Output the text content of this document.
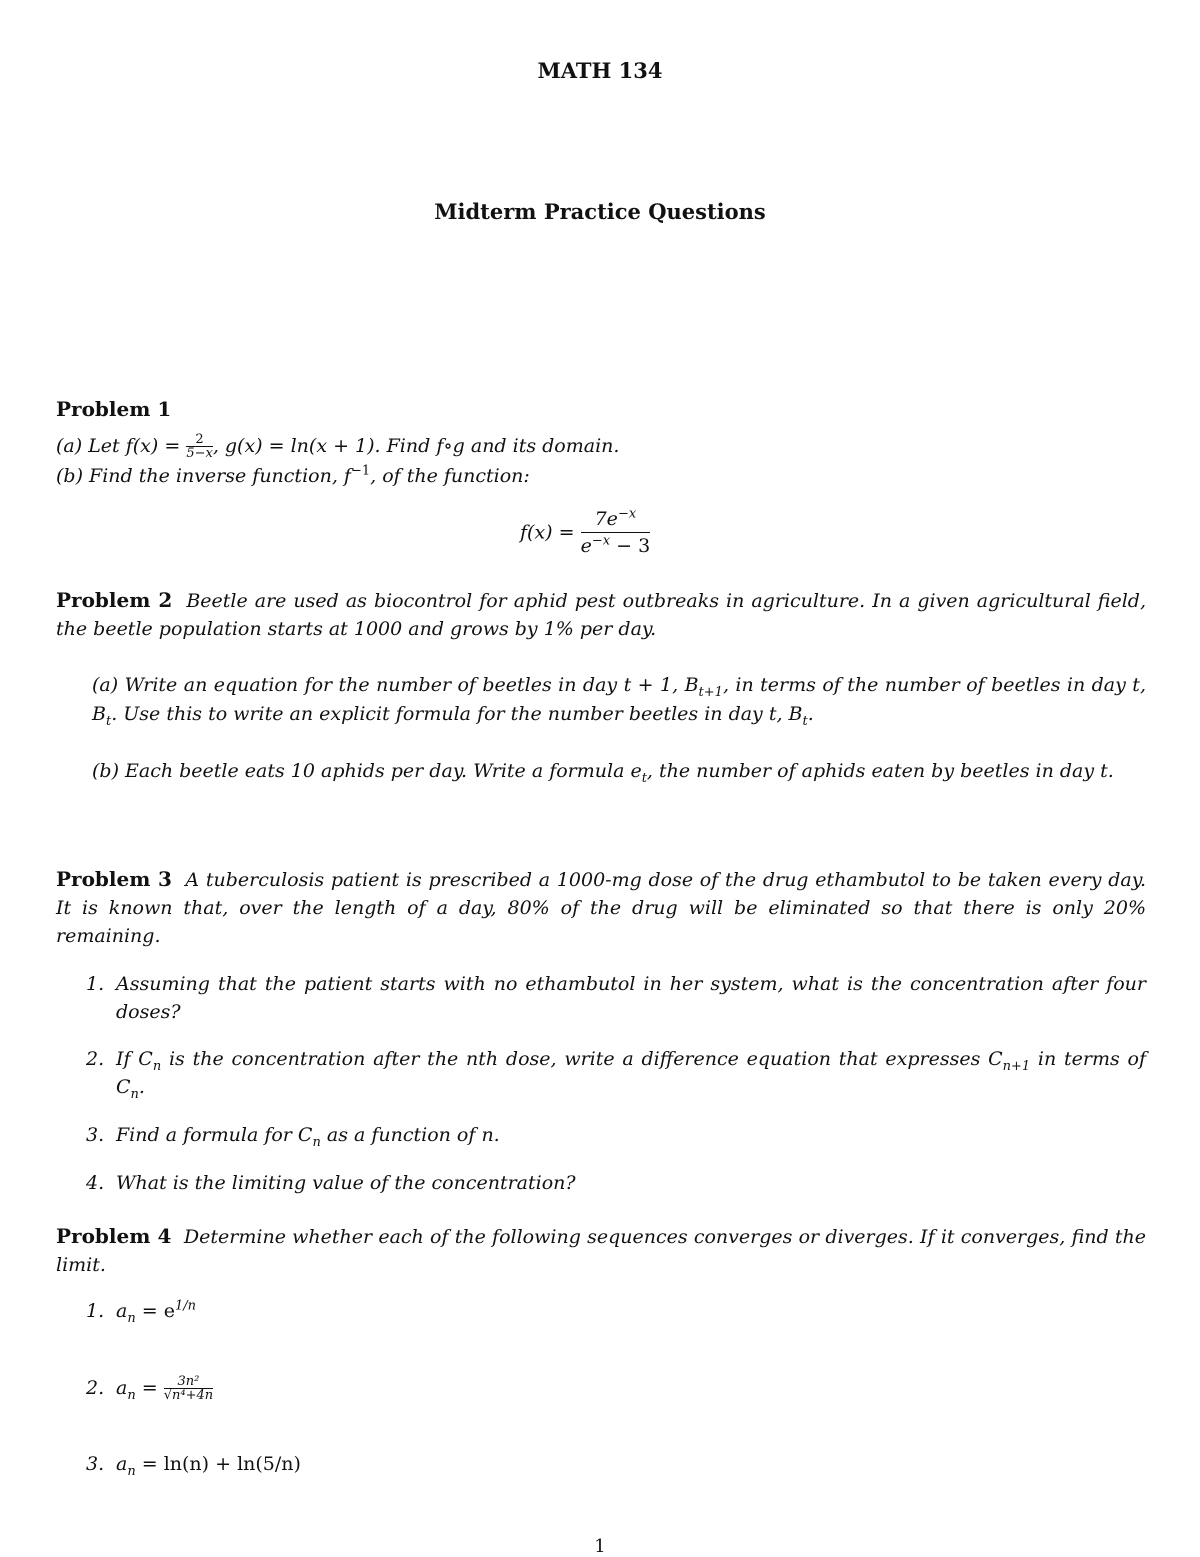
MATH 134
Midterm Practice Questions
Problem 1
(a) Let $f(x) = \frac{2}{5-x}$ , g(x) = ln(x + 1). Find f∘g and its domain.
(b) Find the inverse function, $f^{-1}$, of the function:
$f(x) = \frac{7e^{-x}}{e^{-x} - 3}$
Problem 2 Beetle are used as biocontrol for aphid pest outbreaks in agriculture. In a given agricultural field, the beetle population starts at 1000 and grows by 1% per day.
(a) Write an equation for the number of beetles in day t + 1, $B_{t+1}$, in terms of the number of beetles in day t, $B_t$. Use this to write an explicit formula for the number beetles in day t, $B_t$.
(b) Each beetle eats 10 aphids per day. Write a formula $e_t$, the number of aphids eaten by beetles in day t.
Problem 3 A tuberculosis patient is prescribed a 1000-mg dose of the drug ethambutol to be taken every day. It is known that, over the length of a day, 80% of the drug will be eliminated so that there is only 20% remaining.
1. Assuming that the patient starts with no ethambutol in her system, what is the concentration after four doses?
2. If $C_n$ is the concentration after the nth dose, write a difference equation that expresses $C_{n+1}$ in terms of $C_n$.
3. Find a formula for $C_n$ as a function of n.
4. What is the limiting value of the concentration?
Problem 4 Determine whether each of the following sequences converges or diverges. If it converges, find the limit.
1. $a_n = e^{1/n}$
2. $a_n = \frac{\text{3n²}}{\text{√n⁴+4n}}$
3. $a_n = \ln(n) + \ln(5/n)$
1
